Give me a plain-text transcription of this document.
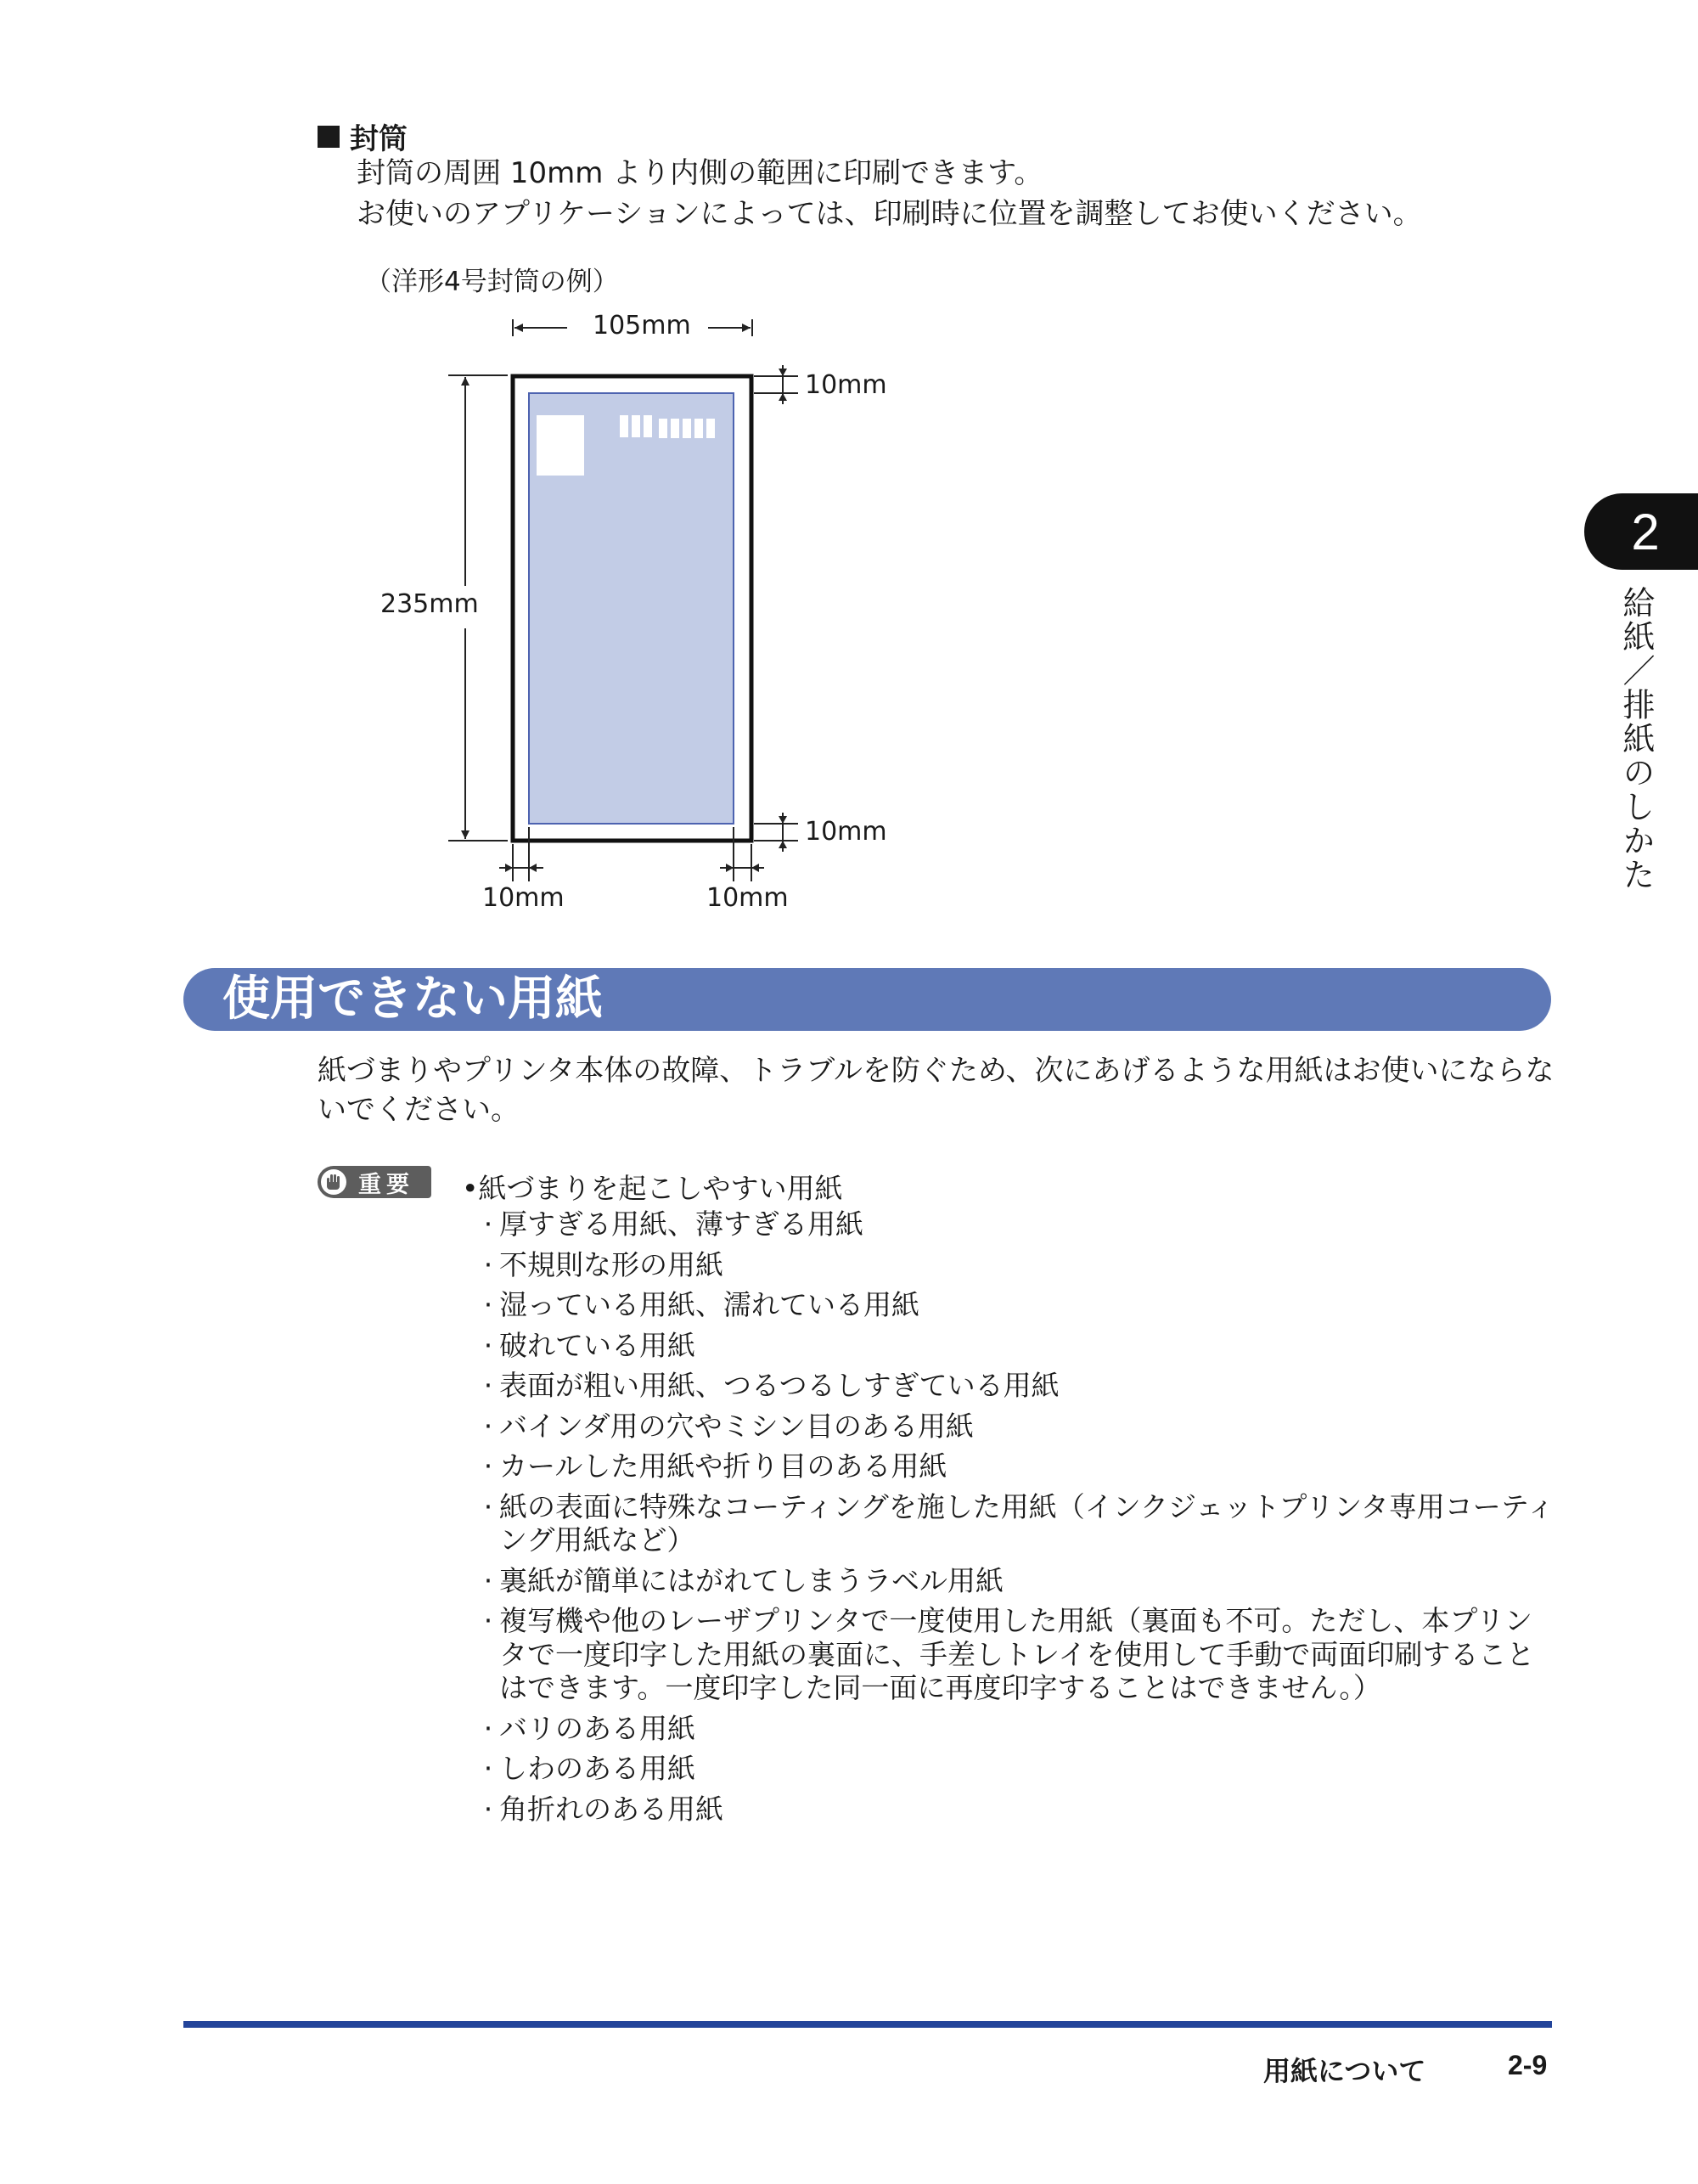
封筒
封筒の周囲 10mm より内側の範囲に印刷できます。
お使いのアプリケーションによっては、印刷時に位置を調整してお使いください。
（洋形4号封筒の例）
105mm
235mm
10mm
10mm
10mm	10mm
使用できない用紙
紙づまりやプリンタ本体の故障、トラブルを防ぐため、次にあげるような用紙はお使いにならないでください。
重要 •紙づまりを起こしやすい用紙
· 厚すぎる用紙、薄すぎる用紙
· 不規則な形の用紙
· 湿っている用紙、濡れている用紙
· 破れている用紙
· 表面が粗い用紙、つるつるしすぎている用紙
· バインダ用の穴やミシン目のある用紙
· カールした用紙や折り目のある用紙
· 紙の表面に特殊なコーティングを施した用紙（インクジェットプリンタ専用コーティング用紙など）
· 裏紙が簡単にはがれてしまうラベル用紙
· 複写機や他のレーザプリンタで一度使用した用紙（裏面も不可。ただし、本プリンタで一度印字した用紙の裏面に、手差しトレイを使用して手動で両面印刷することはできます。一度印字した同一面に再度印字することはできません。）
· バリのある用紙
· しわのある用紙
· 角折れのある用紙
2
給紙／排紙のしかた
用紙について	2-9
